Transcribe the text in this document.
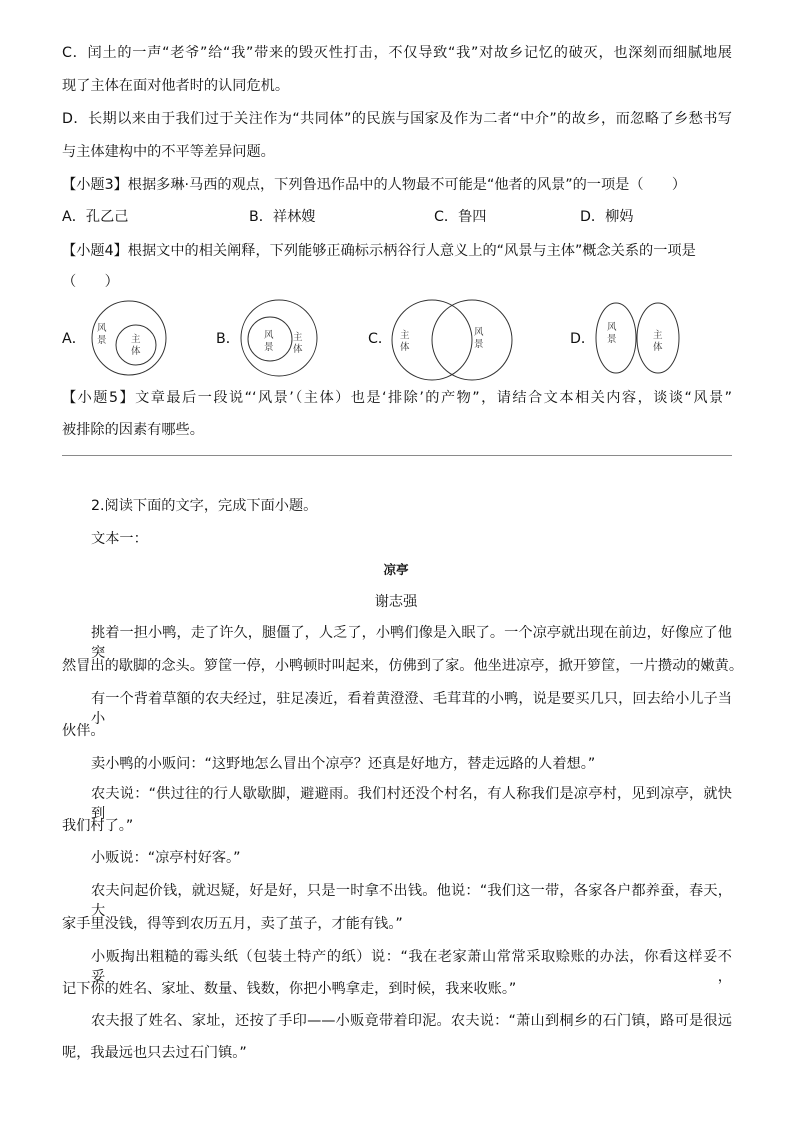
C．闰土的一声“老爷”给“我”带来的毁灭性打击，不仅导致“我”对故乡记忆的破灭，也深刻而细腻地展
现了主体在面对他者时的认同危机。
D．长期以来由于我们过于关注作为“共同体”的民族与国家及作为二者“中介”的故乡，而忽略了乡愁书写
与主体建构中的不平等差异问题。
【小题3】根据多琳·马西的观点，下列鲁迅作品中的人物最不可能是“他者的风景”的一项是（　　）
A．孔乙己	B．祥林嫂	C．鲁四	D．柳妈
【小题4】根据文中的相关阐释，下列能够正确标示柄谷行人意义上的“风景与主体”概念关系的一项是
（　　）
A．
风
景	主
体
B．	风
景
主
体
C． 主
体
风
景	D．
风
景	主
体
【小题5】文章最后一段说“‘风景’（主体）也是‘排除’的产物”，请结合文本相关内容，谈谈“风景”
被排除的因素有哪些。
2.阅读下面的文字，完成下面小题。
文本一：
凉亭
谢志强
挑着一担小鸭，走了许久，腿僵了，人乏了，小鸭们像是入眠了。一个凉亭就出现在前边，好像应了他突
然冒出的歇脚的念头。箩筐一停，小鸭顿时叫起来，仿佛到了家。他坐进凉亭，掀开箩筐，一片攒动的嫩黄。
有一个背着草額的农夫经过，驻足凑近，看着黄澄澄、毛茸茸的小鸭，说是要买几只，回去给小儿子当小
伙伴。
卖小鸭的小贩问：“这野地怎么冒出个凉亭？还真是好地方，替走远路的人着想。”
农夫说：“供过往的行人歇歇脚，避避雨。我们村还没个村名，有人称我们是凉亭村，见到凉亭，就快到
我们村了。”
小贩说：“凉亭村好客。”
农夫问起价钱，就迟疑，好是好，只是一时拿不出钱。他说：“我们这一带，各家各户都养蚕，春天，大
家手里没钱，得等到农历五月，卖了茧子，才能有钱。”
小贩掏出粗糙的霉头纸（包装土特产的纸）说：“我在老家萧山常常采取赊账的办法，你看这样妥不妥，
记下你的姓名、家址、数量、钱数，你把小鸭拿走，到时候，我来收账。”
农夫报了姓名、家址，还按了手印——小贩竟带着印泥。农夫说：“萧山到桐乡的石门镇，路可是很远
呢，我最远也只去过石门镇。”
